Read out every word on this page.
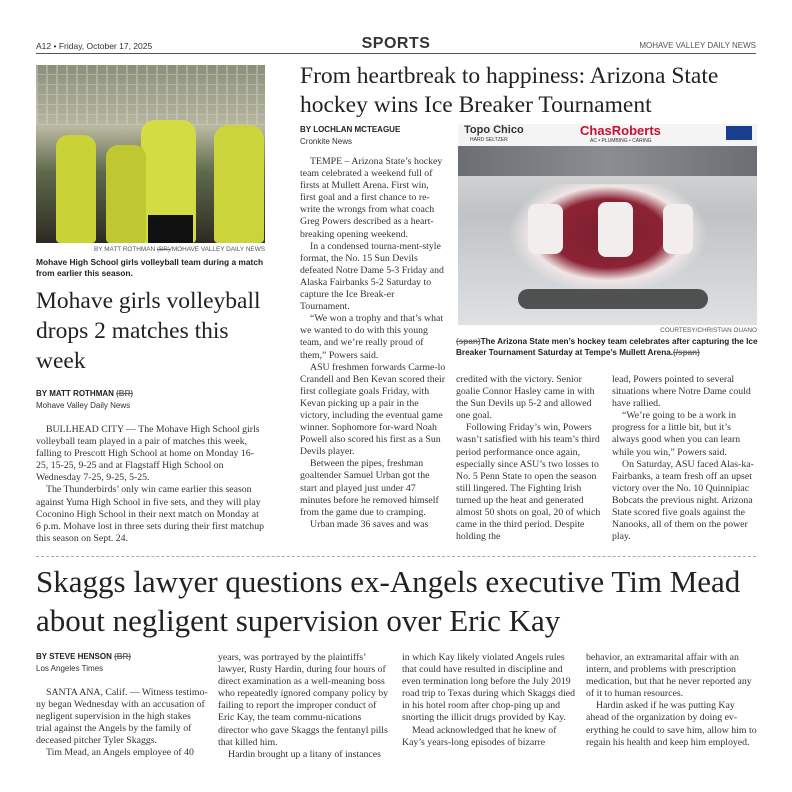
A12 • Friday, October 17, 2025	SPORTS	MOHAVE VALLEY DAILY NEWS
BY MATT ROTHMAN (BR)/MOHAVE VALLEY DAILY NEWS
Mohave High School girls volleyball team during a match from earlier this season.
Mohave girls volleyball drops 2 matches this week
BY MATT ROTHMAN (BR)
Mohave Valley Daily News

BULLHEAD CITY — The Mohave High School girls volleyball team played in a pair of matches this week, falling to Prescott High School at home on Monday 16-25, 15-25, 9-25 and at Flagstaff High School on Wednesday 7-25, 9-25, 5-25.

The Thunderbirds’ only win came earlier this season against Yuma High School in five sets, and they will play Coconino High School in their next match on Monday at 6 p.m. Mohave lost in three sets during their first matchup this season on Sept. 24.

From heartbreak to happiness: Arizona State hockey wins Ice Breaker Tournament
BY LOCHLAN MCTEAGUE
Cronkite News

TEMPE – Arizona State’s hockey team celebrated a weekend full of firsts at Mullett Arena. First win, first goal and a first chance to re-write the wrongs from what coach Greg Powers described as a heart-breaking opening weekend.

In a condensed tourna-ment-style format, the No. 15 Sun Devils defeated Notre Dame 5-3 Friday and Alaska Fairbanks 5-2 Saturday to capture the Ice Break-er Tournament.

“We won a trophy and that’s what we wanted to do with this young team, and we’re really proud of them,” Powers said.

ASU freshmen forwards Carme-lo Crandell and Ben Kevan scored their first collegiate goals Friday, with Kevan picking up a pair in the victory, including the eventual game winner. Sophomore for-ward Noah Powell also scored his first as a Sun Devils player.

Between the pipes, freshman goaltender Samuel Urban got the start and played just under 47 minutes before he removed himself from the game due to cramping.

Urban made 36 saves and was

Topo Chico
HARD SELTZER
ChasRoberts
AC • PLUMBING • CARING
COURTESY/CHRISTIAN OUANO
(span)The Arizona State men’s hockey team celebrates after capturing the Ice Breaker Tournament Saturday at Tempe’s Mullett Arena.(/span)

credited with the victory. Senior goalie Connor Hasley came in with the Sun Devils up 5-2 and allowed one goal.

Following Friday’s win, Powers wasn’t satisfied with his team’s third period performance once again, especially since ASU’s two losses to No. 5 Penn State to open the season still lingered. The Fighting Irish turned up the heat and generated almost 50 shots on goal, 20 of which came in the third period. Despite holding the

lead, Powers pointed to several situations where Notre Dame could have rallied.

“We’re going to be a work in progress for a little bit, but it’s always good when you can learn while you win,” Powers said.

On Saturday, ASU faced Alas-ka-Fairbanks, a team fresh off an upset victory over the No. 10 Quinnipiac Bobcats the previous night. Arizona State scored five goals against the Nanooks, all of them on the power play.

Skaggs lawyer questions ex-Angels executive Tim Mead about negligent supervision over Eric Kay
BY STEVE HENSON (BR)
Los Angeles Times

SANTA ANA, Calif. — Witness testimo-ny began Wednesday with an accusation of negligent supervision in the high stakes trial against the Angels by the family of deceased pitcher Tyler Skaggs.

Tim Mead, an Angels employee of 40

years, was portrayed by the plaintiffs’ lawyer, Rusty Hardin, during four hours of direct examination as a well-meaning boss who repeatedly ignored company policy by failing to report the improper conduct of Eric Kay, the team commu-nications director who gave Skaggs the fentanyl pills that killed him.

Hardin brought up a litany of instances

in which Kay likely violated Angels rules that could have resulted in discipline and even termination long before the July 2019 road trip to Texas during which Skaggs died in his hotel room after chop-ping up and snorting the illicit drugs provided by Kay.

Mead acknowledged that he knew of Kay’s years-long episodes of bizarre

behavior, an extramarital affair with an intern, and problems with prescription medication, but that he never reported any of it to human resources.

Hardin asked if he was putting Kay ahead of the organization by doing ev-erything he could to save him, allow him to regain his health and keep him employed.
